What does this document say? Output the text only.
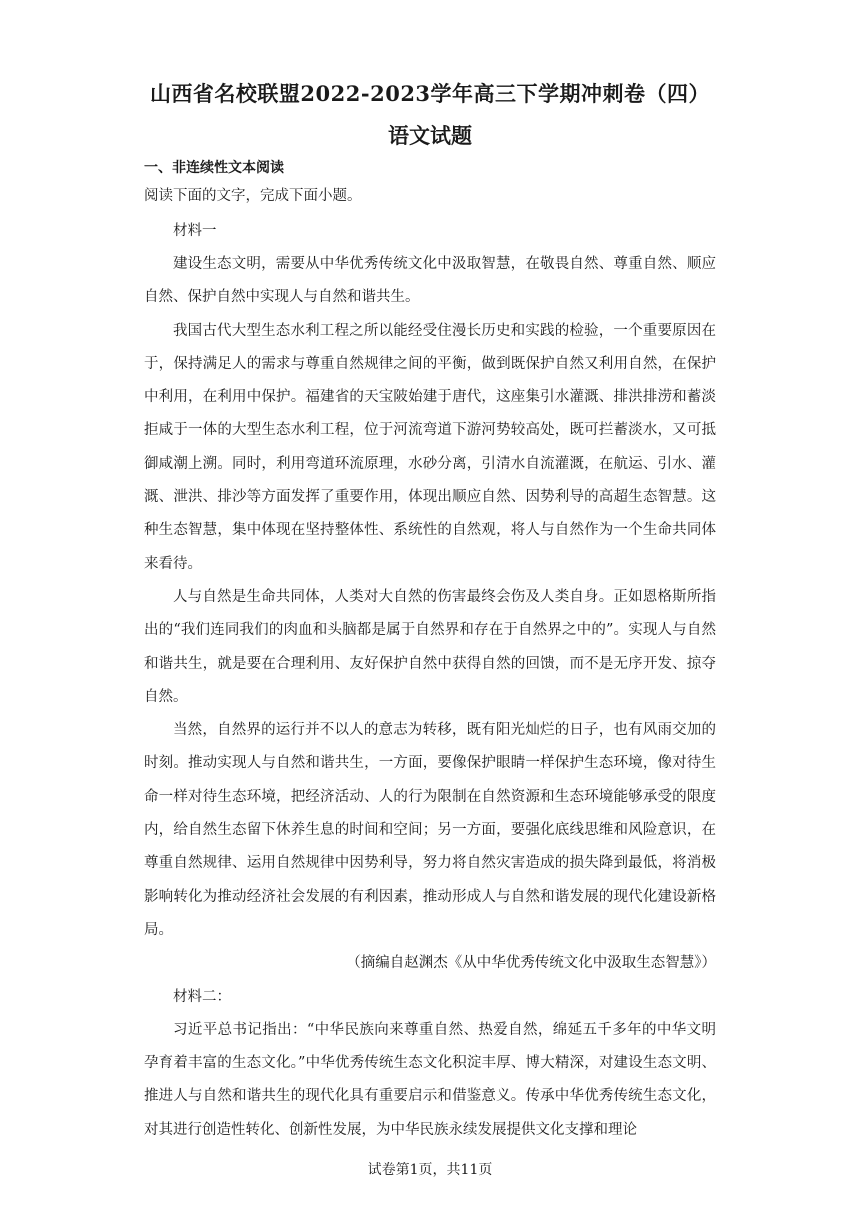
山西省名校联盟2022-2023学年高三下学期冲刺卷（四）
语文试题
一、非连续性文本阅读
阅读下面的文字，完成下面小题。

材料一

建设生态文明，需要从中华优秀传统文化中汲取智慧，在敬畏自然、尊重自然、顺应自然、保护自然中实现人与自然和谐共生。

我国古代大型生态水利工程之所以能经受住漫长历史和实践的检验，一个重要原因在于，保持满足人的需求与尊重自然规律之间的平衡，做到既保护自然又利用自然，在保护中利用，在利用中保护。福建省的天宝陂始建于唐代，这座集引水灌溉、排洪排涝和蓄淡拒咸于一体的大型生态水利工程，位于河流弯道下游河势较高处，既可拦蓄淡水，又可抵御咸潮上溯。同时，利用弯道环流原理，水砂分离，引清水自流灌溉，在航运、引水、灌溉、泄洪、排沙等方面发挥了重要作用，体现出顺应自然、因势利导的高超生态智慧。这种生态智慧，集中体现在坚持整体性、系统性的自然观，将人与自然作为一个生命共同体来看待。

人与自然是生命共同体，人类对大自然的伤害最终会伤及人类自身。正如恩格斯所指出的“我们连同我们的肉血和头脑都是属于自然界和存在于自然界之中的”。实现人与自然和谐共生，就是要在合理利用、友好保护自然中获得自然的回馈，而不是无序开发、掠夺自然。

当然，自然界的运行并不以人的意志为转移，既有阳光灿烂的日子，也有风雨交加的时刻。推动实现人与自然和谐共生，一方面，要像保护眼睛一样保护生态环境，像对待生命一样对待生态环境，把经济活动、人的行为限制在自然资源和生态环境能够承受的限度内，给自然生态留下休养生息的时间和空间；另一方面，要强化底线思维和风险意识，在尊重自然规律、运用自然规律中因势利导，努力将自然灾害造成的损失降到最低，将消极影响转化为推动经济社会发展的有利因素，推动形成人与自然和谐发展的现代化建设新格局。

（摘编自赵渊杰《从中华优秀传统文化中汲取生态智慧》）

材料二：

习近平总书记指出：“中华民族向来尊重自然、热爱自然，绵延五千多年的中华文明孕育着丰富的生态文化。”中华优秀传统生态文化积淀丰厚、博大精深，对建设生态文明、推进人与自然和谐共生的现代化具有重要启示和借鉴意义。传承中华优秀传统生态文化，对其进行创造性转化、创新性发展，为中华民族永续发展提供文化支撑和理论

试卷第1页，共11页
